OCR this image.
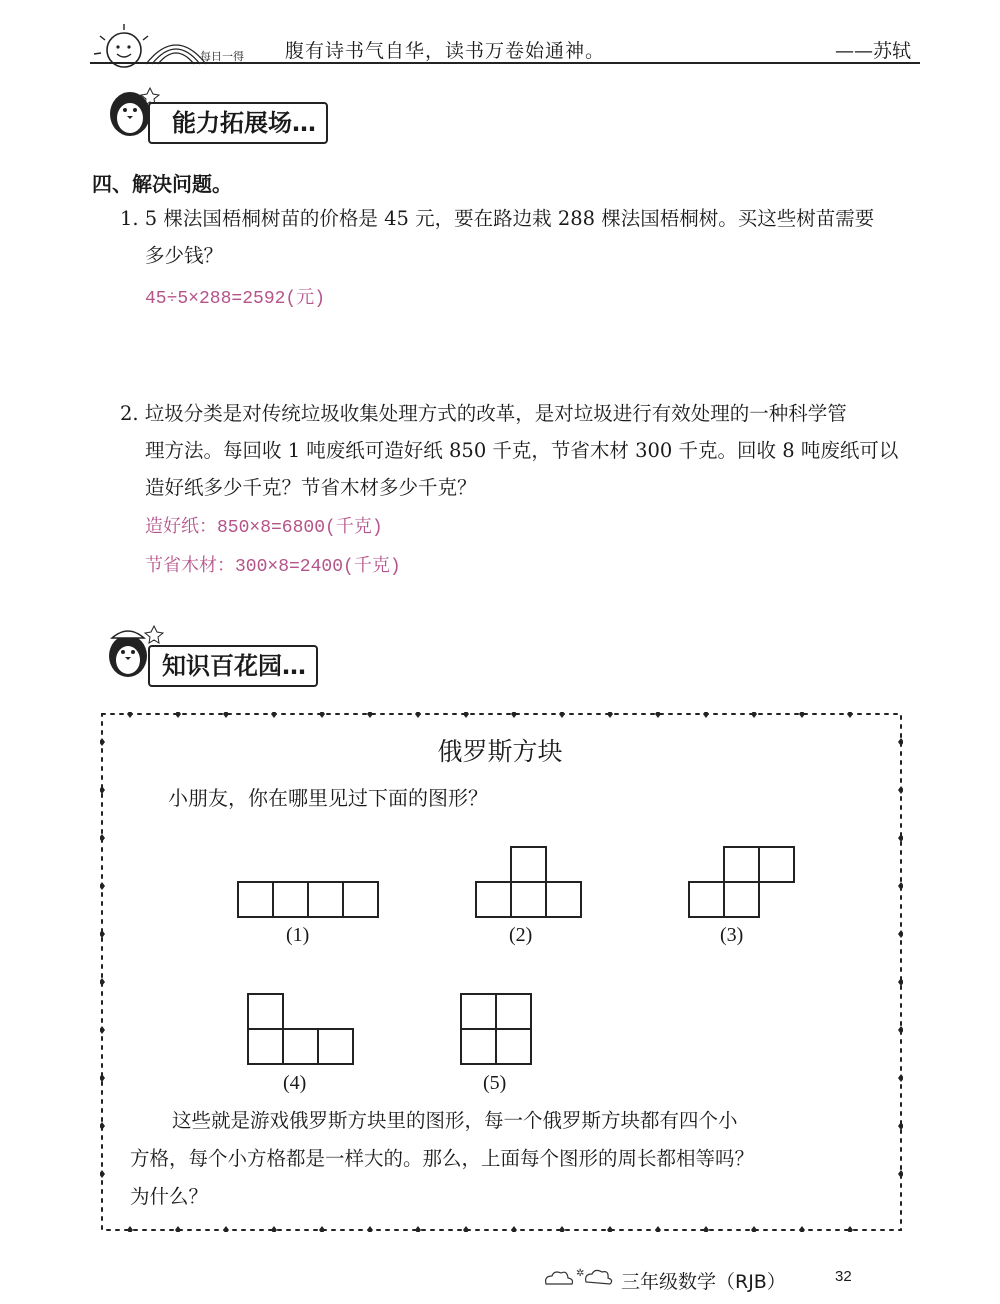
每日一得 腹有诗书气自华，读书万卷始通神。	——苏轼
能力拓展场…
四、解决问题。
1. 5 棵法国梧桐树苗的价格是 45 元，要在路边栽 288 棵法国梧桐树。买这些树苗需要
多少钱？
45÷5×288=2592(元)
2. 垃圾分类是对传统垃圾收集处理方式的改革，是对垃圾进行有效处理的一种科学管
理方法。每回收 1 吨废纸可造好纸 850 千克，节省木材 300 千克。回收 8 吨废纸可以
造好纸多少千克？节省木材多少千克？
造好纸：850×8=6800(千克)
节省木材：300×8=2400(千克)
知识百花园…
俄罗斯方块
小朋友，你在哪里见过下面的图形？
(1)	(2)	(3)
(4)	(5)
这些就是游戏俄罗斯方块里的图形，每一个俄罗斯方块都有四个小
方格，每个小方格都是一样大的。那么，上面每个图形的周长都相等吗？
为什么？
✲ 三年级数学（RJB）	32
